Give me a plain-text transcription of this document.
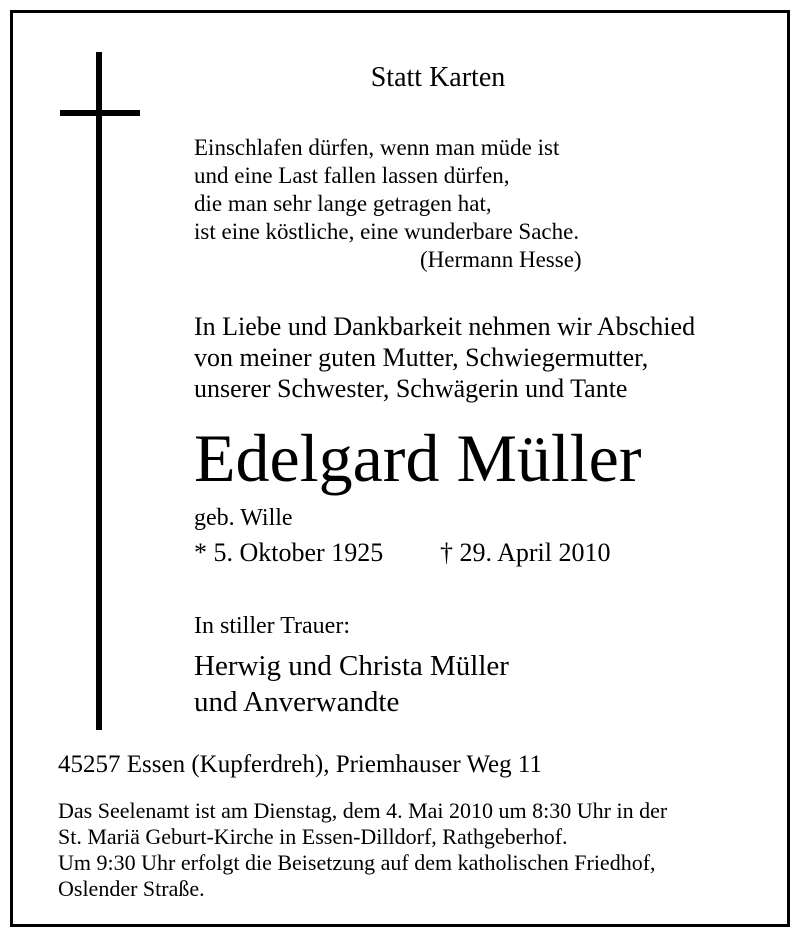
Statt Karten
Einschlafen dürfen, wenn man müde ist
und eine Last fallen lassen dürfen,
die man sehr lange getragen hat,
ist eine köstliche, eine wunderbare Sache.
(Hermann Hesse)
In Liebe und Dankbarkeit nehmen wir Abschied
von meiner guten Mutter, Schwiegermutter,
unserer Schwester, Schwägerin und Tante
Edelgard Müller
geb. Wille
* 5. Oktober 1925 † 29. April 2010
In stiller Trauer:
Herwig und Christa Müller
und Anverwandte
45257 Essen (Kupferdreh), Priemhauser Weg 11
Das Seelenamt ist am Dienstag, dem 4. Mai 2010 um 8:30 Uhr in der
St. Mariä Geburt-Kirche in Essen-Dilldorf, Rathgeberhof.
Um 9:30 Uhr erfolgt die Beisetzung auf dem katholischen Friedhof,
Oslender Straße.
